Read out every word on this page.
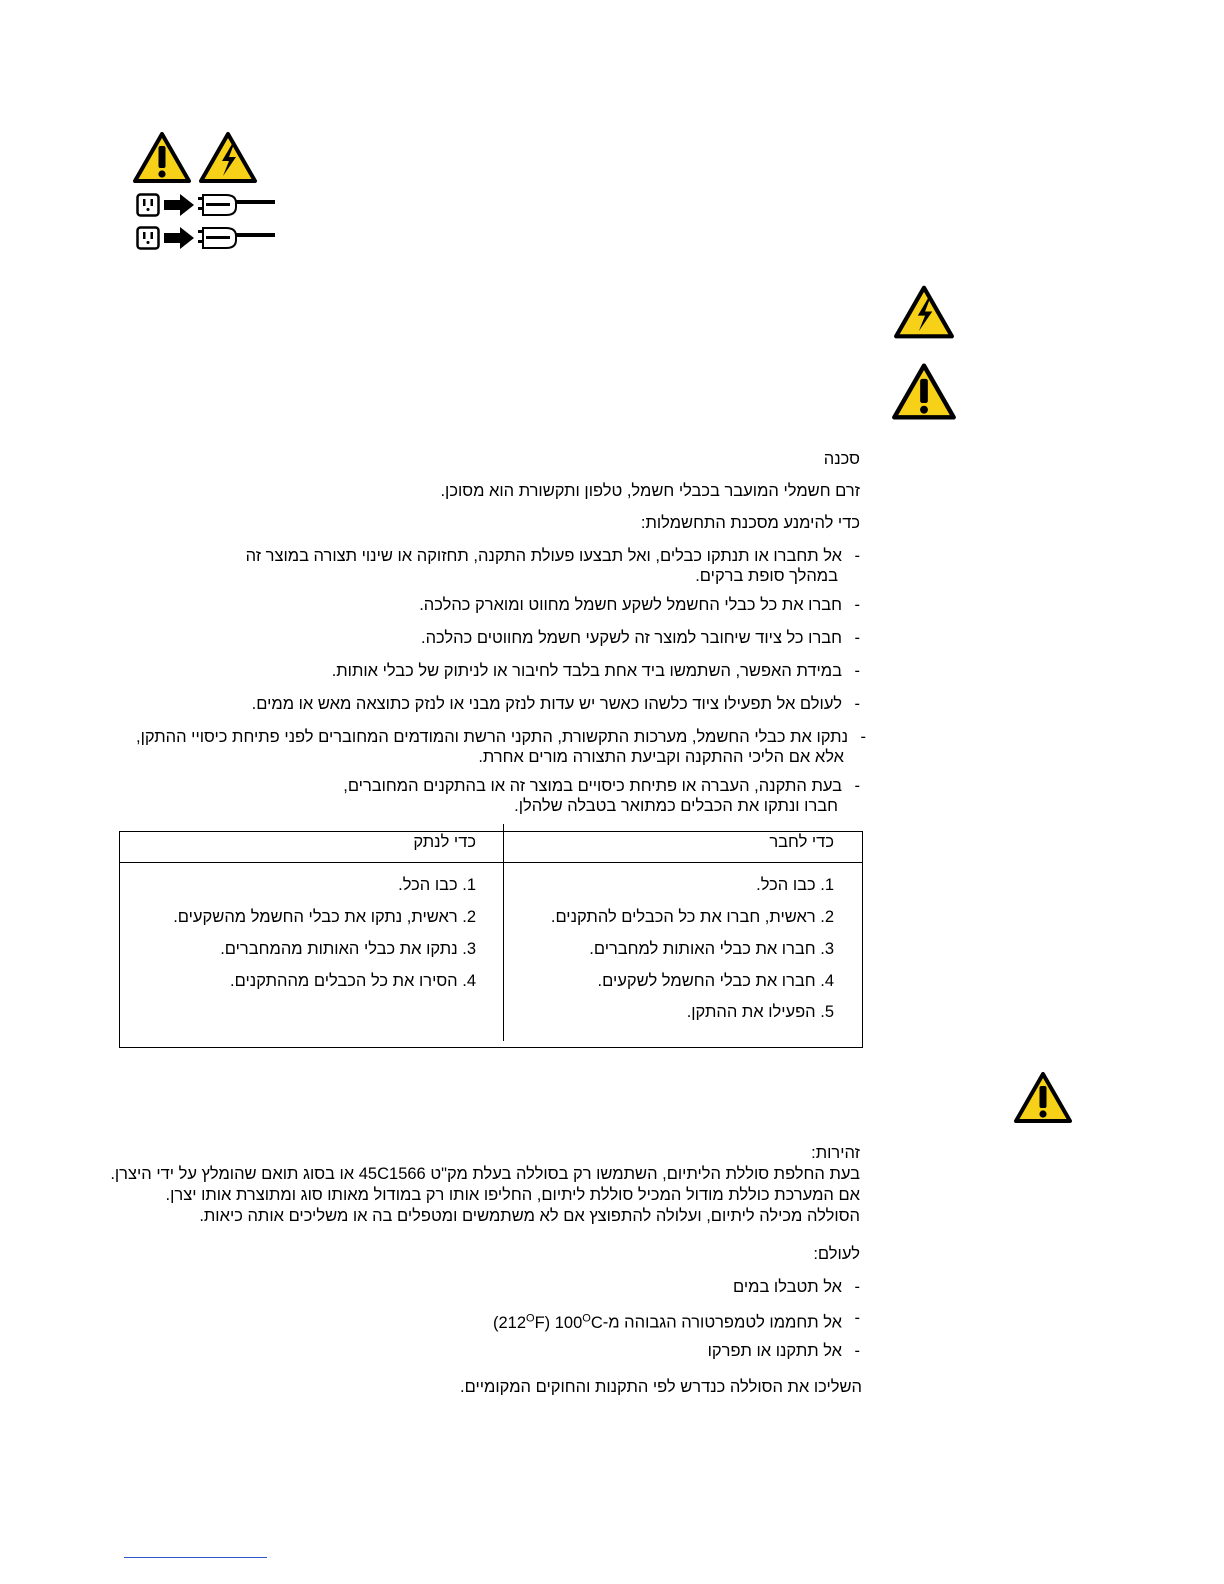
סכנה
זרם חשמלי המועבר בכבלי חשמל, טלפון ותקשורת הוא מסוכן.
כדי להימנע מסכנת התחשמלות:
-
אל תחברו או תנתקו כבלים, ואל תבצעו פעולת התקנה, תחזוקה או שינוי תצורה במוצר זה
במהלך סופת ברקים.
-
חברו את כל כבלי החשמל לשקע חשמל מחווט ומוארק כהלכה.
-
חברו כל ציוד שיחובר למוצר זה לשקעי חשמל מחווטים כהלכה.
-
במידת האפשר, השתמשו ביד אחת בלבד לחיבור או לניתוק של כבלי אותות.
-
לעולם אל תפעילו ציוד כלשהו כאשר יש עדות לנזק מבני או לנזק כתוצאה מאש או ממים.
-
נתקו את כבלי החשמל, מערכות התקשורת, התקני הרשת והמודמים המחוברים לפני פתיחת כיסויי ההתקן,
אלא אם הליכי ההתקנה וקביעת התצורה מורים אחרת.
-
בעת התקנה, העברה או פתיחת כיסויים במוצר זה או בהתקנים המחוברים,
חברו ונתקו את הכבלים כמתואר בטבלה שלהלן.
כדי לחבר
1. כבו הכל.
2. ראשית, חברו את כל הכבלים להתקנים.
3. חברו את כבלי האותות למחברים.
4. חברו את כבלי החשמל לשקעים.
5. הפעילו את ההתקן.
כדי לנתק
1. כבו הכל.
2. ראשית, נתקו את כבלי החשמל מהשקעים.
3. נתקו את כבלי האותות מהמחברים.
4. הסירו את כל הכבלים מההתקנים.
זהירות:
בעת החלפת סוללת הליתיום, השתמשו רק בסוללה בעלת מק"ט 45C1566 או בסוג תואם שהומלץ על ידי היצרן.
אם המערכת כוללת מודול המכיל סוללת ליתיום, החליפו אותו רק במודול מאותו סוג ומתוצרת אותו יצרן.
הסוללה מכילה ליתיום, ועלולה להתפוצץ אם לא משתמשים ומטפלים בה או משליכים אותה כיאות.
לעולם:
-
אל תטבלו במים
-
אל תחממו לטמפרטורה הגבוהה $מ-100^OC$ $(212^OF)$
-
אל תתקנו או תפרקו
השליכו את הסוללה כנדרש לפי התקנות והחוקים המקומיים.
